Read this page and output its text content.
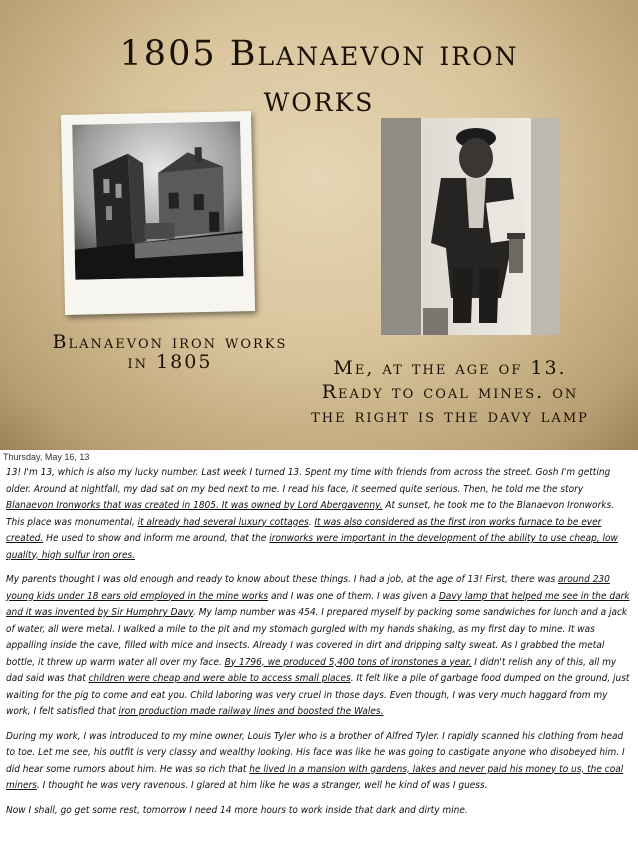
1805 Blanaevon iron
works
Blanaevon iron works
in 1805	Me, at the age of 13.
Ready to coal mines. on
the right is the davy lamp
Thursday, May 16, 13

13! I'm 13, which is also my lucky number. Last week I turned 13. Spent my time with friends from across the street. Gosh I'm getting older. Around at nightfall, my dad sat on my bed next to me. I read his face, it seemed quite serious. Then, he told me the story Blanaevon Ironworks that was created in 1805. It was owned by Lord Abergavenny. At sunset, he took me to the Blanaevon Ironworks. This place was monumental, it already had several luxury cottages. It was also considered as the first iron works furnace to be ever created. He used to show and inform me around, that the ironworks were important in the development of the ability to use cheap, low quality, high sulfur iron ores.

My parents thought I was old enough and ready to know about these things. I had a job, at the age of 13! First, there was around 230 young kids under 18 ears old employed in the mine works and I was one of them. I was given a Davy lamp that helped me see in the dark and it was invented by Sir Humphry Davy. My lamp number was 454. I prepared myself by packing some sandwiches for lunch and a jack of water, all were metal. I walked a mile to the pit and my stomach gurgled with my hands shaking, as my first day to mine. It was appalling inside the cave, filled with mice and insects. Already I was covered in dirt and dripping salty sweat. As I grabbed the metal bottle, it threw up warm water all over my face. By 1796, we produced 5,400 tons of ironstones a year. I didn't relish any of this, all my dad said was that children were cheap and were able to access small places. It felt like a pile of garbage food dumped on the ground, just waiting for the pig to come and eat you. Child laboring was very cruel in those days. Even though, I was very much haggard from my work, I felt satisfied that iron production made railway lines and boosted the Wales.

During my work, I was introduced to my mine owner, Louis Tyler who is a brother of Alfred Tyler. I rapidly scanned his clothing from head to toe. Let me see, his outfit is very classy and wealthy looking. His face was like he was going to castigate anyone who disobeyed him. I did hear some rumors about him. He was so rich that he lived in a mansion with gardens, lakes and never paid his money to us, the coal miners. I thought he was very ravenous. I glared at him like he was a stranger, well he kind of was I guess.

Now I shall, go get some rest, tomorrow I need 14 more hours to work inside that dark and dirty mine.
